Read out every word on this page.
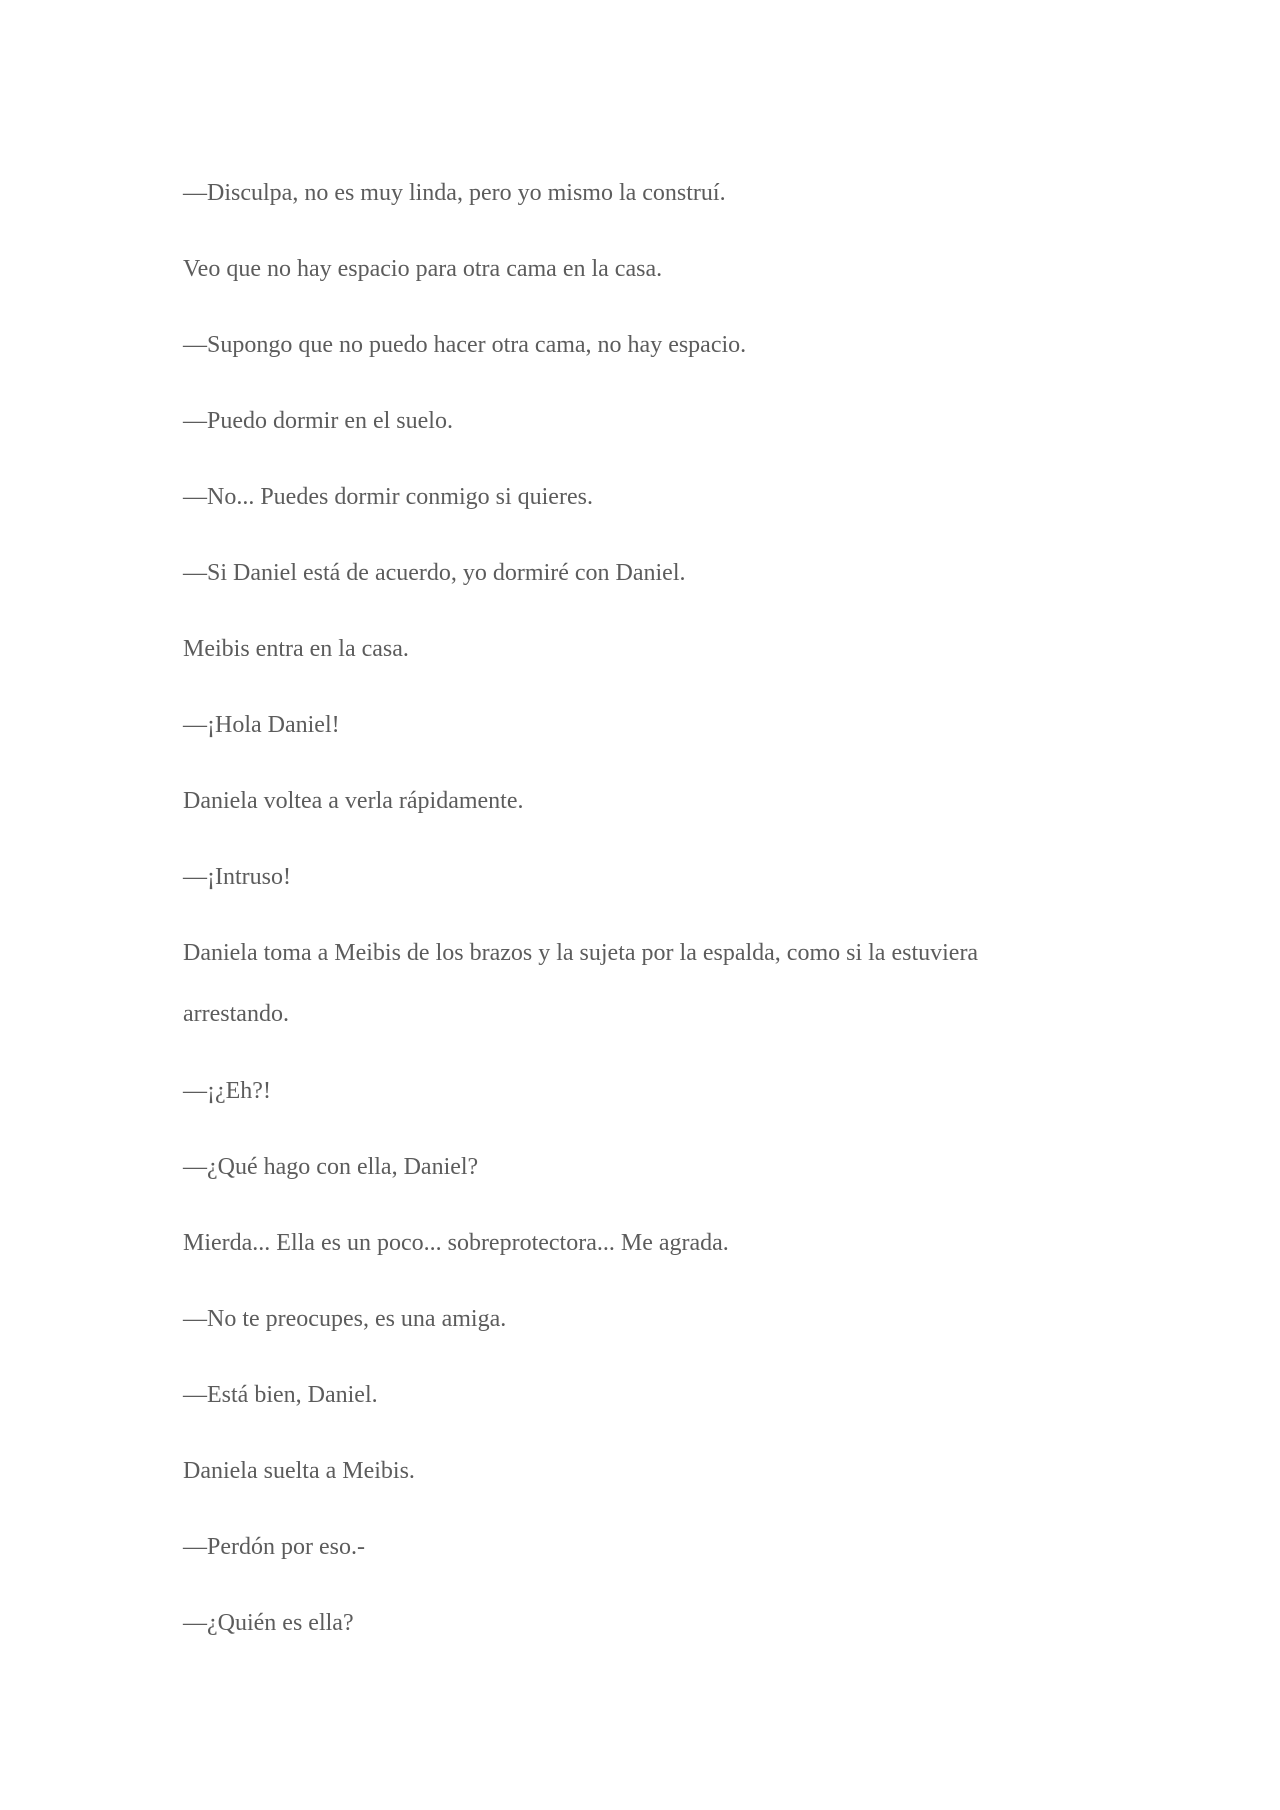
—Disculpa, no es muy linda, pero yo mismo la construí.

Veo que no hay espacio para otra cama en la casa.

—Supongo que no puedo hacer otra cama, no hay espacio.

—Puedo dormir en el suelo.

—No... Puedes dormir conmigo si quieres.

—Si Daniel está de acuerdo, yo dormiré con Daniel.

Meibis entra en la casa.

—¡Hola Daniel!

Daniela voltea a verla rápidamente.

—¡Intruso!

Daniela toma a Meibis de los brazos y la sujeta por la espalda, como si la estuviera arrestando.

—¡¿Eh?!

—¿Qué hago con ella, Daniel?

Mierda... Ella es un poco... sobreprotectora... Me agrada.

—No te preocupes, es una amiga.

—Está bien, Daniel.

Daniela suelta a Meibis.

—Perdón por eso.-

—¿Quién es ella?
